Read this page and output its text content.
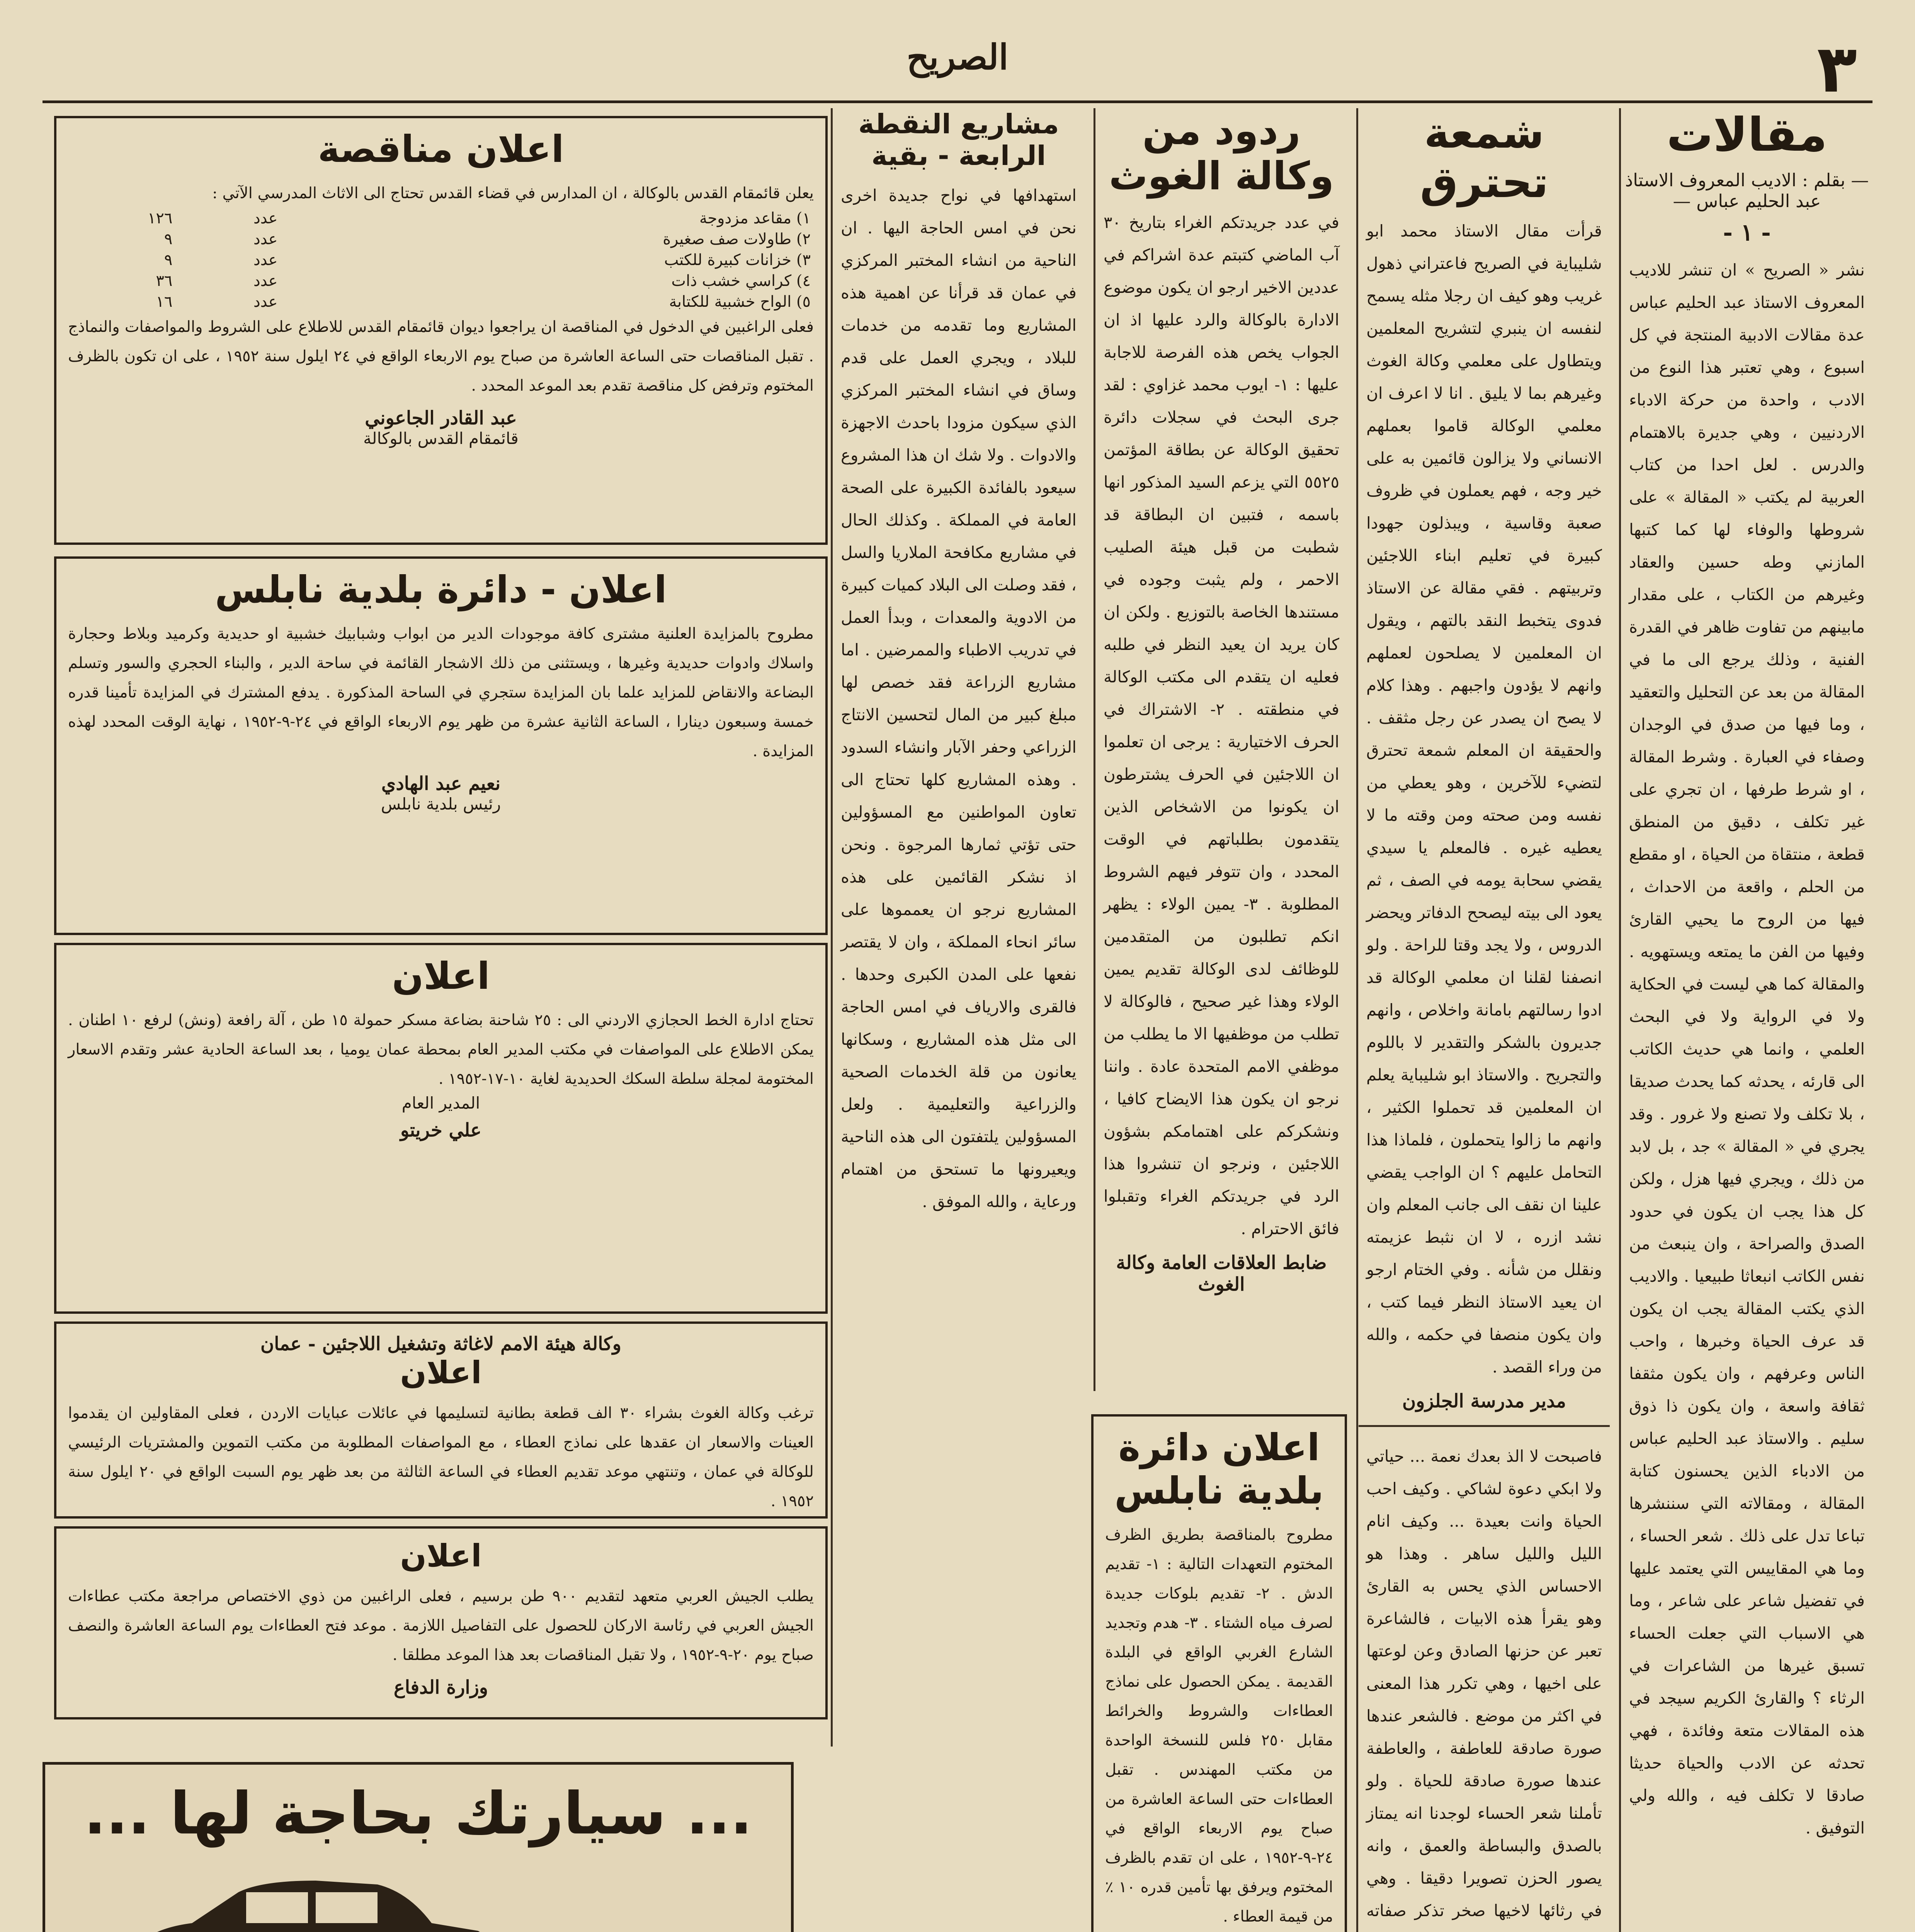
٣
الصريح
مقالات
— بقلم : الاديب المعروف الاستاذ عبد الحليم عباس —
- ١ -
نشر « الصريح » ان تنشر للاديب المعروف الاستاذ عبد الحليم عباس عدة مقالات الادبية المنتجة في كل اسبوع ، وهي تعتبر هذا النوع من الادب ، واحدة من حركة الادباء الاردنيين ، وهي جديرة بالاهتمام والدرس . لعل احدا من كتاب العربية لم يكتب « المقالة » على شروطها والوفاء لها كما كتبها المازني وطه حسين والعقاد وغيرهم من الكتاب ، على مقدار مابينهم من تفاوت ظاهر في القدرة الفنية ، وذلك يرجع الى ما في المقالة من بعد عن التحليل والتعقيد ، وما فيها من صدق في الوجدان وصفاء في العبارة . وشرط المقالة ، او شرط طرفها ، ان تجري على غير تكلف ، دقيق من المنطق قطعة ، منتقاة من الحياة ، او مقطع من الحلم ، واقعة من الاحداث ، فيها من الروح ما يحيي القارئ وفيها من الفن ما يمتعه ويستهويه . والمقالة كما هي ليست في الحكاية ولا في الرواية ولا في البحث العلمي ، وانما هي حديث الكاتب الى قارئه ، يحدثه كما يحدث صديقا ، بلا تكلف ولا تصنع ولا غرور . وقد يجري في « المقالة » جد ، بل لابد من ذلك ، ويجري فيها هزل ، ولكن كل هذا يجب ان يكون في حدود الصدق والصراحة ، وان ينبعث من نفس الكاتب انبعاثا طبيعيا . والاديب الذي يكتب المقالة يجب ان يكون قد عرف الحياة وخبرها ، واحب الناس وعرفهم ، وان يكون مثقفا ثقافة واسعة ، وان يكون ذا ذوق سليم . والاستاذ عبد الحليم عباس من الادباء الذين يحسنون كتابة المقالة ، ومقالاته التي سننشرها تباعا تدل على ذلك . شعر الحساء ، وما هي المقاييس التي يعتمد عليها في تفضيل شاعر على شاعر ، وما هي الاسباب التي جعلت الحساء تسبق غيرها من الشاعرات في الرثاء ؟ والقارئ الكريم سيجد في هذه المقالات متعة وفائدة ، فهي تحدثه عن الادب والحياة حديثا صادقا لا تكلف فيه ، والله ولي التوفيق .
شمعة تحترق
قرأت مقال الاستاذ محمد ابو شليباية في الصريح فاعتراني ذهول غريب وهو كيف ان رجلا مثله يسمح لنفسه ان ينبري لتشريح المعلمين ويتطاول على معلمي وكالة الغوث وغيرهم بما لا يليق . انا لا اعرف ان معلمي الوكالة قاموا بعملهم الانساني ولا يزالون قائمين به على خير وجه ، فهم يعملون في ظروف صعبة وقاسية ، ويبذلون جهودا كبيرة في تعليم ابناء اللاجئين وتربيتهم . فقي مقالة عن الاستاذ فدوى يتخبط النقد بالتهم ، ويقول ان المعلمين لا يصلحون لعملهم وانهم لا يؤدون واجبهم . وهذا كلام لا يصح ان يصدر عن رجل مثقف . والحقيقة ان المعلم شمعة تحترق لتضيء للآخرين ، وهو يعطي من نفسه ومن صحته ومن وقته ما لا يعطيه غيره . فالمعلم يا سيدي يقضي سحابة يومه في الصف ، ثم يعود الى بيته ليصحح الدفاتر ويحضر الدروس ، ولا يجد وقتا للراحة . ولو انصفنا لقلنا ان معلمي الوكالة قد ادوا رسالتهم بامانة واخلاص ، وانهم جديرون بالشكر والتقدير لا باللوم والتجريح . والاستاذ ابو شليباية يعلم ان المعلمين قد تحملوا الكثير ، وانهم ما زالوا يتحملون ، فلماذا هذا التحامل عليهم ؟ ان الواجب يقضي علينا ان نقف الى جانب المعلم وان نشد ازره ، لا ان نثبط عزيمته ونقلل من شأنه . وفي الختام ارجو ان يعيد الاستاذ النظر فيما كتب ، وان يكون منصفا في حكمه ، والله من وراء القصد .
مدير مدرسة الجلزون
فاصبحت لا الذ بعدك نعمة ... حياتي ولا ابكي دعوة لشاكي . وكيف احب الحياة وانت بعيدة ... وكيف انام الليل والليل ساهر . وهذا هو الاحساس الذي يحس به القارئ وهو يقرأ هذه الابيات ، فالشاعرة تعبر عن حزنها الصادق وعن لوعتها على اخيها ، وهي تكرر هذا المعنى في اكثر من موضع . فالشعر عندها صورة صادقة للعاطفة ، والعاطفة عندها صورة صادقة للحياة . ولو تأملنا شعر الحساء لوجدنا انه يمتاز بالصدق والبساطة والعمق ، وانه يصور الحزن تصويرا دقيقا . وهي في رثائها لاخيها صخر تذكر صفاته
ردود من وكالة الغوث
في عدد جريدتكم الغراء بتاريخ ٣٠ آب الماضي كتبتم عدة اشراكم في عددين الاخير ارجو ان يكون موضوع الادارة بالوكالة والرد عليها اذ ان الجواب يخص هذه الفرصة للاجابة عليها : ١- ايوب محمد غزاوي : لقد جرى البحث في سجلات دائرة تحقيق الوكالة عن بطاقة المؤتمن ٥٥٢٥ التي يزعم السيد المذكور انها باسمه ، فتبين ان البطاقة قد شطبت من قبل هيئة الصليب الاحمر ، ولم يثبت وجوده في مستندها الخاصة بالتوزيع . ولكن ان كان يريد ان يعيد النظر في طلبه فعليه ان يتقدم الى مكتب الوكالة في منطقته . ٢- الاشتراك في الحرف الاختيارية : يرجى ان تعلموا ان اللاجئين في الحرف يشترطون ان يكونوا من الاشخاص الذين يتقدمون بطلباتهم في الوقت المحدد ، وان تتوفر فيهم الشروط المطلوبة . ٣- يمين الولاء : يظهر انكم تطلبون من المتقدمين للوظائف لدى الوكالة تقديم يمين الولاء وهذا غير صحيح ، فالوكالة لا تطلب من موظفيها الا ما يطلب من موظفي الامم المتحدة عادة . واننا نرجو ان يكون هذا الايضاح كافيا ، ونشكركم على اهتمامكم بشؤون اللاجئين ، ونرجو ان تنشروا هذا الرد في جريدتكم الغراء وتقبلوا فائق الاحترام .
ضابط العلاقات العامة وكالة الغوث
اعلان دائرة بلدية نابلس
مطروح بالمناقصة بطريق الظرف المختوم التعهدات التالية : ١- تقديم الدش . ٢- تقديم بلوكات جديدة لصرف مياه الشتاء . ٣- هدم وتجديد الشارع الغربي الواقع في البلدة القديمة . يمكن الحصول على نماذج العطاءات والشروط والخرائط مقابل ٢٥٠ فلس للنسخة الواحدة من مكتب المهندس . تقبل العطاءات حتى الساعة العاشرة من صباح يوم الاربعاء الواقع في ٢٤-٩-١٩٥٢ ، على ان تقدم بالظرف المختوم ويرفق بها تأمين قدره ١٠ ٪ من قيمة العطاء .
مشاريع النقطة الرابعة - بقية
استهدافها في نواح جديدة اخرى نحن في امس الحاجة اليها . ان الناحية من انشاء المختبر المركزي في عمان قد قرأنا عن اهمية هذه المشاريع وما تقدمه من خدمات للبلاد ، ويجري العمل على قدم وساق في انشاء المختبر المركزي الذي سيكون مزودا باحدث الاجهزة والادوات . ولا شك ان هذا المشروع سيعود بالفائدة الكبيرة على الصحة العامة في المملكة . وكذلك الحال في مشاريع مكافحة الملاريا والسل ، فقد وصلت الى البلاد كميات كبيرة من الادوية والمعدات ، وبدأ العمل في تدريب الاطباء والممرضين . اما مشاريع الزراعة فقد خصص لها مبلغ كبير من المال لتحسين الانتاج الزراعي وحفر الآبار وانشاء السدود . وهذه المشاريع كلها تحتاج الى تعاون المواطنين مع المسؤولين حتى تؤتي ثمارها المرجوة . ونحن اذ نشكر القائمين على هذه المشاريع نرجو ان يعمموها على سائر انحاء المملكة ، وان لا يقتصر نفعها على المدن الكبرى وحدها . فالقرى والارياف في امس الحاجة الى مثل هذه المشاريع ، وسكانها يعانون من قلة الخدمات الصحية والزراعية والتعليمية . ولعل المسؤولين يلتفتون الى هذه الناحية ويعيرونها ما تستحق من اهتمام ورعاية ، والله الموفق .
اعلان مناقصة
يعلن قائمقام القدس بالوكالة ، ان المدارس في قضاء القدس تحتاج الى الاثاث المدرسي الآتي :
١) مقاعد مزدوجة	عدد	١٢٦
٢) طاولات صف صغيرة	عدد	٩
٣) خزانات كبيرة للكتب	عدد	٩
٤) كراسي خشب ذات	عدد	٣٦
٥) الواح خشبية للكتابة	عدد	١٦
فعلى الراغبين في الدخول في المناقصة ان يراجعوا ديوان قائمقام القدس للاطلاع على الشروط والمواصفات والنماذج . تقبل المناقصات حتى الساعة العاشرة من صباح يوم الاربعاء الواقع في ٢٤ ايلول سنة ١٩٥٢ ، على ان تكون بالظرف المختوم وترفض كل مناقصة تقدم بعد الموعد المحدد .
عبد القادر الجاعوني
قائمقام القدس بالوكالة
اعلان - دائرة بلدية نابلس
مطروح بالمزايدة العلنية مشترى كافة موجودات الدير من ابواب وشبابيك خشبية او حديدية وكرميد وبلاط وحجارة واسلاك وادوات حديدية وغيرها ، ويستثنى من ذلك الاشجار القائمة في ساحة الدير ، والبناء الحجري والسور وتسلم البضاعة والانقاض للمزايد علما بان المزايدة ستجري في الساحة المذكورة . يدفع المشترك في المزايدة تأمينا قدره خمسة وسبعون دينارا ، الساعة الثانية عشرة من ظهر يوم الاربعاء الواقع في ٢٤-٩-١٩٥٢ ، نهاية الوقت المحدد لهذه المزايدة .
نعيم عبد الهادي
رئيس بلدية نابلس
اعلان
تحتاج ادارة الخط الحجازي الاردني الى : ٢٥ شاحنة بضاعة مسكر حمولة ١٥ طن ، آلة رافعة (ونش) لرفع ١٠ اطنان . يمكن الاطلاع على المواصفات في مكتب المدير العام بمحطة عمان يوميا ، بعد الساعة الحادية عشر وتقدم الاسعار المختومة لمجلة سلطة السكك الحديدية لغاية ١٠-١٧-١٩٥٢ .
المدير العام
علي خريتو
وكالة هيئة الامم لاغاثة وتشغيل اللاجئين - عمان
اعلان
ترغب وكالة الغوث بشراء ٣٠ الف قطعة بطانية لتسليمها في عائلات عبايات الاردن ، فعلى المقاولين ان يقدموا العينات والاسعار ان عقدها على نماذج العطاء ، مع المواصفات المطلوبة من مكتب التموين والمشتريات الرئيسي للوكالة في عمان ، وتنتهي موعد تقديم العطاء في الساعة الثالثة من بعد ظهر يوم السبت الواقع في ٢٠ ايلول سنة ١٩٥٢ .
اعلان
يطلب الجيش العربي متعهد لتقديم ٩٠٠ طن برسيم ، فعلى الراغبين من ذوي الاختصاص مراجعة مكتب عطاءات الجيش العربي في رئاسة الاركان للحصول على التفاصيل اللازمة . موعد فتح العطاءات يوم الساعة العاشرة والنصف صباح يوم ٢٠-٩-١٩٥٢ ، ولا تقبل المناقصات بعد هذا الموعد مطلقا .
وزارة الدفاع
... سيارتك بحاجة لها ...
